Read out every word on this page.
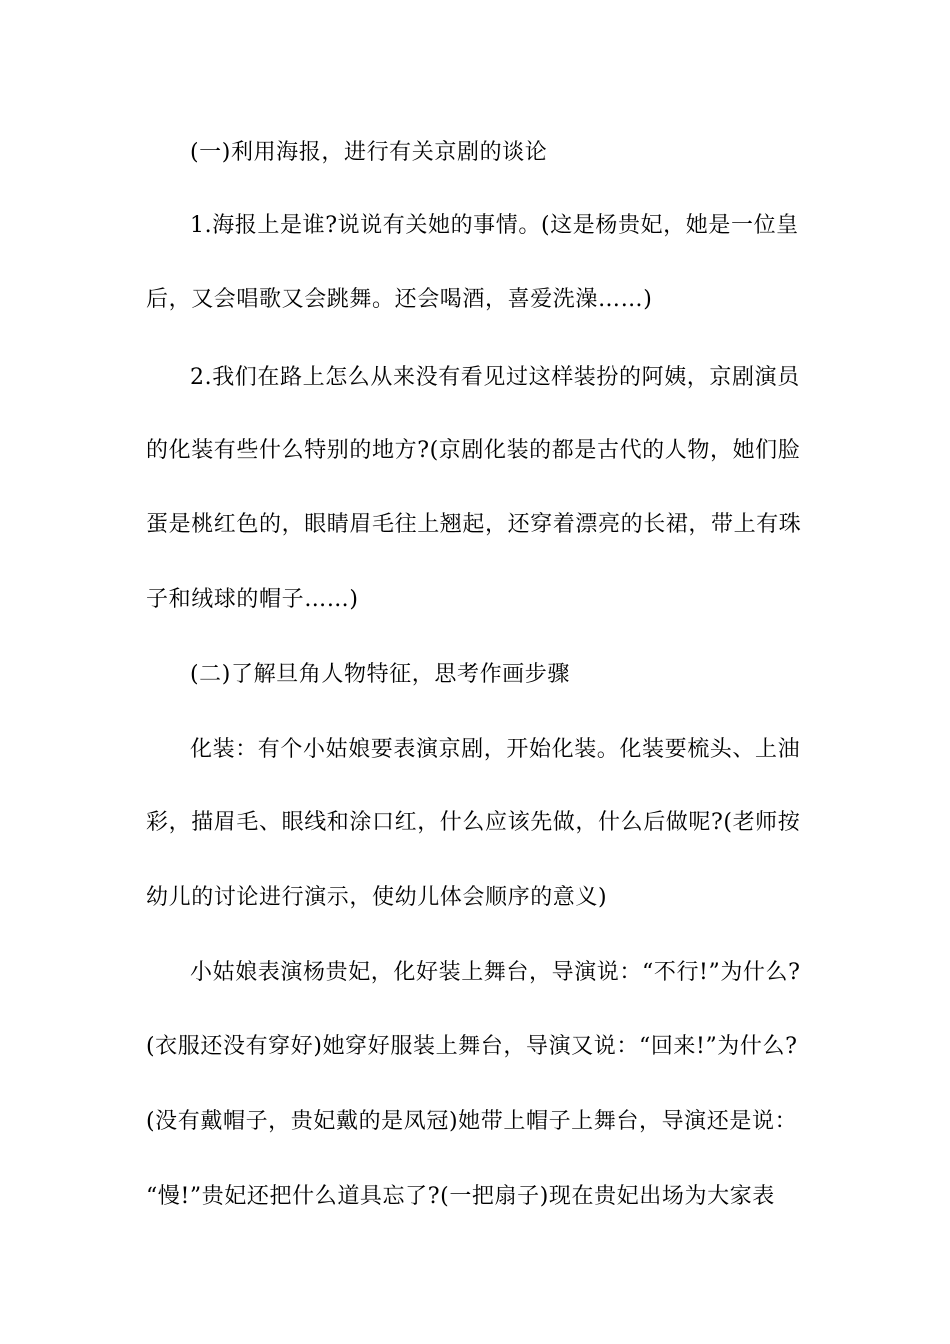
(一)利用海报，进行有关京剧的谈论
1.海报上是谁?说说有关她的事情。(这是杨贵妃，她是一位皇
后，又会唱歌又会跳舞。还会喝酒，喜爱洗澡……)
2.我们在路上怎么从来没有看见过这样装扮的阿姨，京剧演员
的化装有些什么特别的地方?(京剧化装的都是古代的人物，她们脸
蛋是桃红色的，眼睛眉毛往上翘起，还穿着漂亮的长裙，带上有珠
子和绒球的帽子……)
(二)了解旦角人物特征，思考作画步骤
化装：有个小姑娘要表演京剧，开始化装。化装要梳头、上油
彩，描眉毛、眼线和涂口红，什么应该先做，什么后做呢?(老师按
幼儿的讨论进行演示，使幼儿体会顺序的意义)
小姑娘表演杨贵妃，化好装上舞台，导演说：“不行!”为什么?
(衣服还没有穿好)她穿好服装上舞台，导演又说：“回来!”为什么?
(没有戴帽子，贵妃戴的是凤冠)她带上帽子上舞台，导演还是说：
“慢!”贵妃还把什么道具忘了?(一把扇子)现在贵妃出场为大家表
